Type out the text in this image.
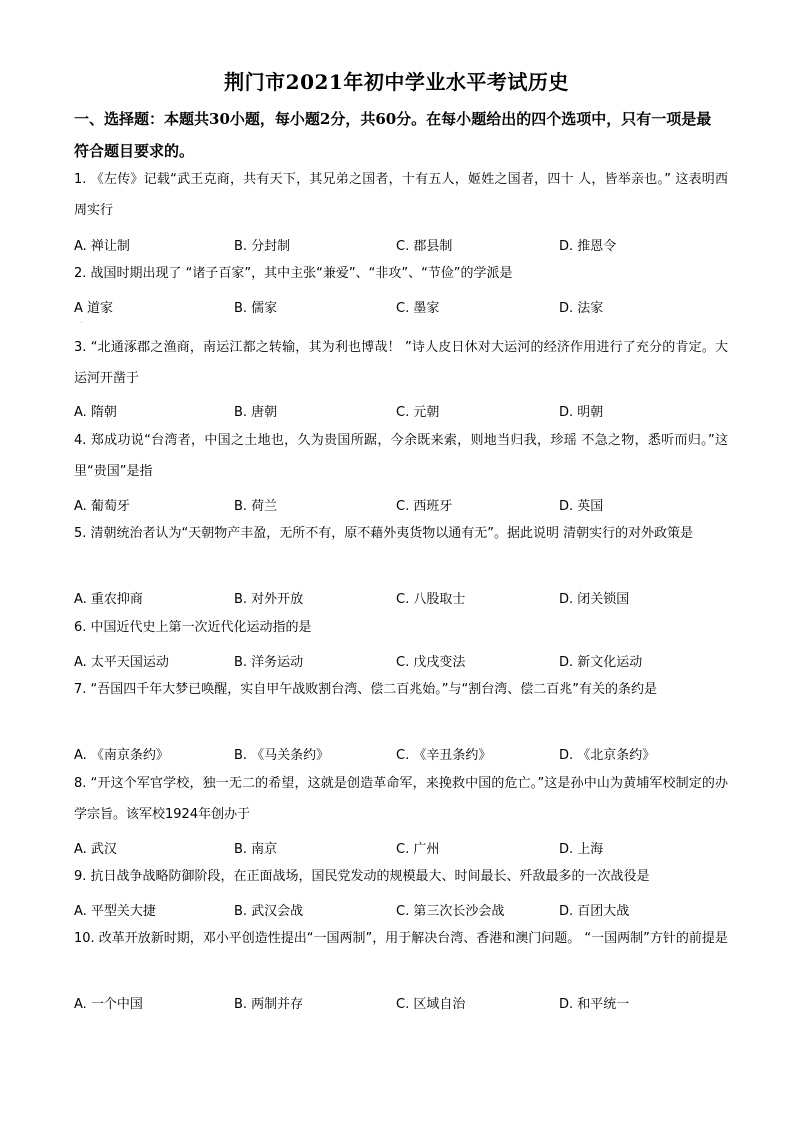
荆门市2021年初中学业水平考试历史
一、选择题：本题共30小题，每小题2分，共60分。在每小题给出的四个选项中，只有一项是最符合题目要求的。
1. 《左传》记载“武王克商，共有天下，其兄弟之国者，十有五人，姬姓之国者，四十 人，皆举亲也。” 这表明西周实行
A. 禅让制	B. 分封制	C. 郡县制	D. 推恩令
2. 战国时期出现了 “诸子百家”，其中主张“兼爱”、“非攻”、“节俭”的学派是
A 道家	B. 儒家	C. 墨家	D. 法家
·
3. “北通涿郡之渔商，南运江都之转输，其为利也博哉！ ”诗人皮日休对大运河的经济作用进行了充分的肯定。大运河开凿于
A. 隋朝	B. 唐朝	C. 元朝	D. 明朝
4. 郑成功说“台湾者，中国之土地也，久为贵国所踞，今余既来索，则地当归我，珍瑶 不急之物，悉听而归。”这里“贵国”是指
A. 葡萄牙	B. 荷兰	C. 西班牙	D. 英国
5. 清朝统治者认为“天朝物产丰盈，无所不有，原不藉外夷货物以通有无”。据此说明 清朝实行的对外政策是
A. 重农抑商	B. 对外开放	C. 八股取士	D. 闭关锁国
6. 中国近代史上第一次近代化运动指的是
A. 太平天国运动	B. 洋务运动	C. 戊戌变法	D. 新文化运动
7. “吾国四千年大梦已唤醒，实自甲午战败割台湾、偿二百兆始。”与“割台湾、偿二百兆”有关的条约是
A. 《南京条约》	B. 《马关条约》	C. 《辛丑条约》	D. 《北京条约》
8. “开这个军官学校，独一无二的希望，这就是创造革命军，来挽救中国的危亡。”这是孙中山为黄埔军校制定的办学宗旨。该军校1924年创办于
A. 武汉	B. 南京	C. 广州	D. 上海
9. 抗日战争战略防御阶段，在正面战场，国民党发动的规模最大、时间最长、歼敌最多的一次战役是
A. 平型关大捷	B. 武汉会战	C. 第三次长沙会战	D. 百团大战
10. 改革开放新时期，邓小平创造性提出“一国两制”，用于解决台湾、香港和澳门问题。 “一国两制”方针的前提是
A. 一个中国	B. 两制并存	C. 区域自治	D. 和平统一
